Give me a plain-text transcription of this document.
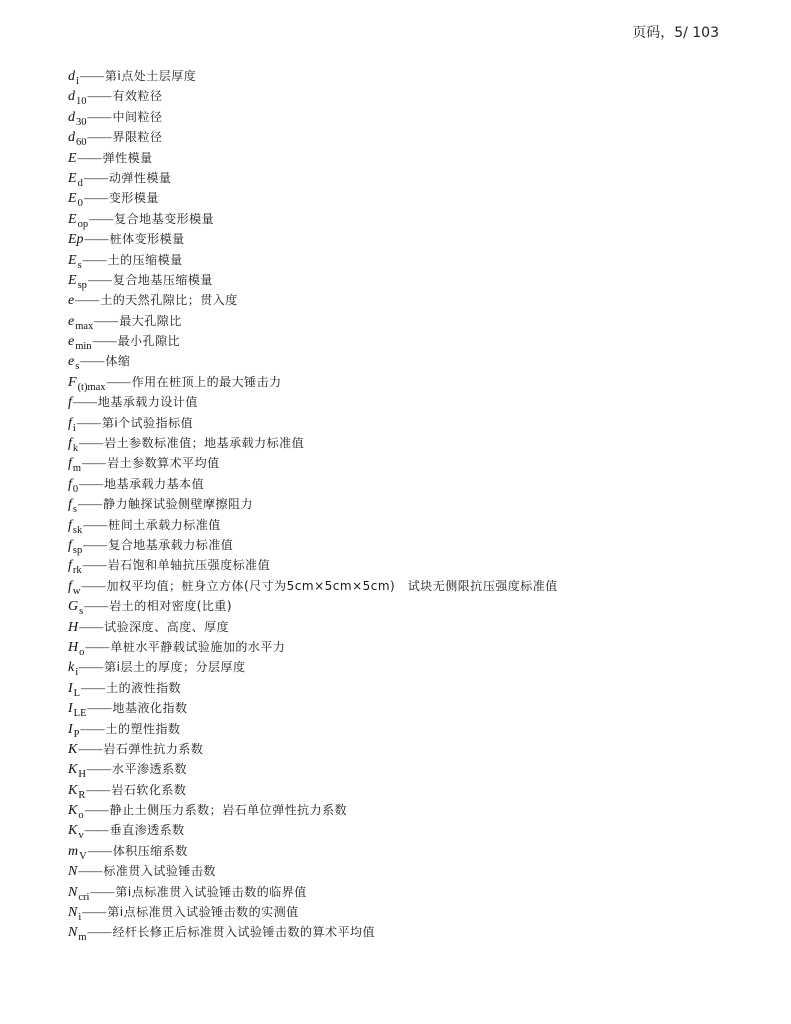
页码，5/ 103
d i —— 第i点处土层厚度
d 10 —— 有效粒径
d 30 —— 中间粒径
d 60 —— 界限粒径
E —— 弹性模量
E d —— 动弹性模量
E 0 —— 变形模量
E op —— 复合地基变形模量
Ep —— 桩体变形模量
E s —— 土的压缩模量
E sp —— 复合地基压缩模量
e —— 土的天然孔隙比；贯入度
e max —— 最大孔隙比
e min —— 最小孔隙比
e s —— 体缩
F (t)max —— 作用在桩顶上的最大锤击力
f —— 地基承载力设计值
f i —— 第i个试验指标值
f k —— 岩土参数标准值；地基承载力标准值
f m —— 岩土参数算术平均值
f 0 —— 地基承载力基本值
f s —— 静力触探试验侧壁摩擦阻力
f sk —— 桩间土承载力标准值
f sp —— 复合地基承载力标准值
f rk —— 岩石饱和单轴抗压强度标准值
f w —— 加权平均值；桩身立方体(尺寸为5cm×5cm×5cm)　试块无侧限抗压强度标准值
G s —— 岩土的相对密度(比重)
H —— 试验深度、高度、厚度
H o —— 单桩水平静载试验施加的水平力
k i —— 第i层土的厚度；分层厚度
I L —— 土的液性指数
I LE —— 地基液化指数
I P —— 土的塑性指数
K —— 岩石弹性抗力系数
K H —— 水平渗透系数
K R —— 岩石软化系数
K o —— 静止土侧压力系数；岩石单位弹性抗力系数
K v —— 垂直渗透系数
m V —— 体积压缩系数
N —— 标准贯入试验锤击数
N cri —— 第i点标准贯入试验锤击数的临界值
N i —— 第i点标准贯入试验锤击数的实测值
N m —— 经杆长修正后标准贯入试验锤击数的算术平均值
